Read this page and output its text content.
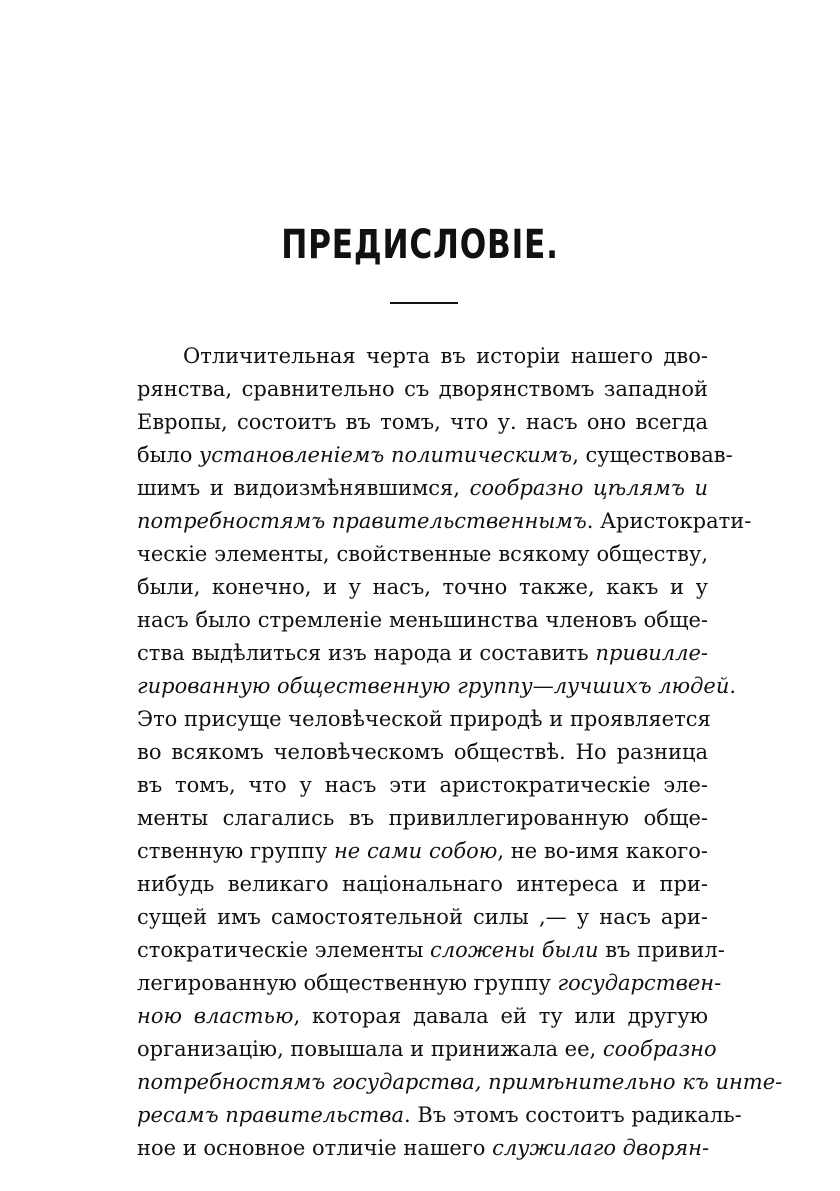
ПРЕДИСЛОВІЕ.
Отличительная черта въ исторіи нашего дво-
рянства, сравнительно съ дворянствомъ западной
Европы, состоитъ въ томъ, что у. насъ оно всегда
было установленіемъ политическимъ, существовав-
шимъ и видоизмѣнявшимся, сообразно цѣлямъ и
потребностямъ правительственнымъ. Аристократи-
ческіе элементы, свойственные всякому обществу,
были, конечно, и у насъ, точно также, какъ и у
насъ было стремленіе меньшинства членовъ обще-
ства выдѣлиться изъ народа и составить привилле-
гированную общественную группу—лучшихъ людей.
Это присуще человѣческой природѣ и проявляется
во всякомъ человѣческомъ обществѣ. Но разница
въ томъ, что у насъ эти аристократическіе эле-
менты слагались въ привиллегированную обще-
ственную группу не сами собою, не во-имя какого-
нибудь великаго національнаго интереса и при-
сущей имъ самостоятельной силы ,— у насъ ари-
стократическіе элементы сложены были въ привил-
легированную общественную группу государствен-
ною властью, которая давала ей ту или другую
организацію, повышала и принижала ее, сообразно
потребностямъ государства, примѣнительно къ инте-
ресамъ правительства. Въ этомъ состоитъ радикаль-
ное и основное отличіе нашего служилаго дворян-
